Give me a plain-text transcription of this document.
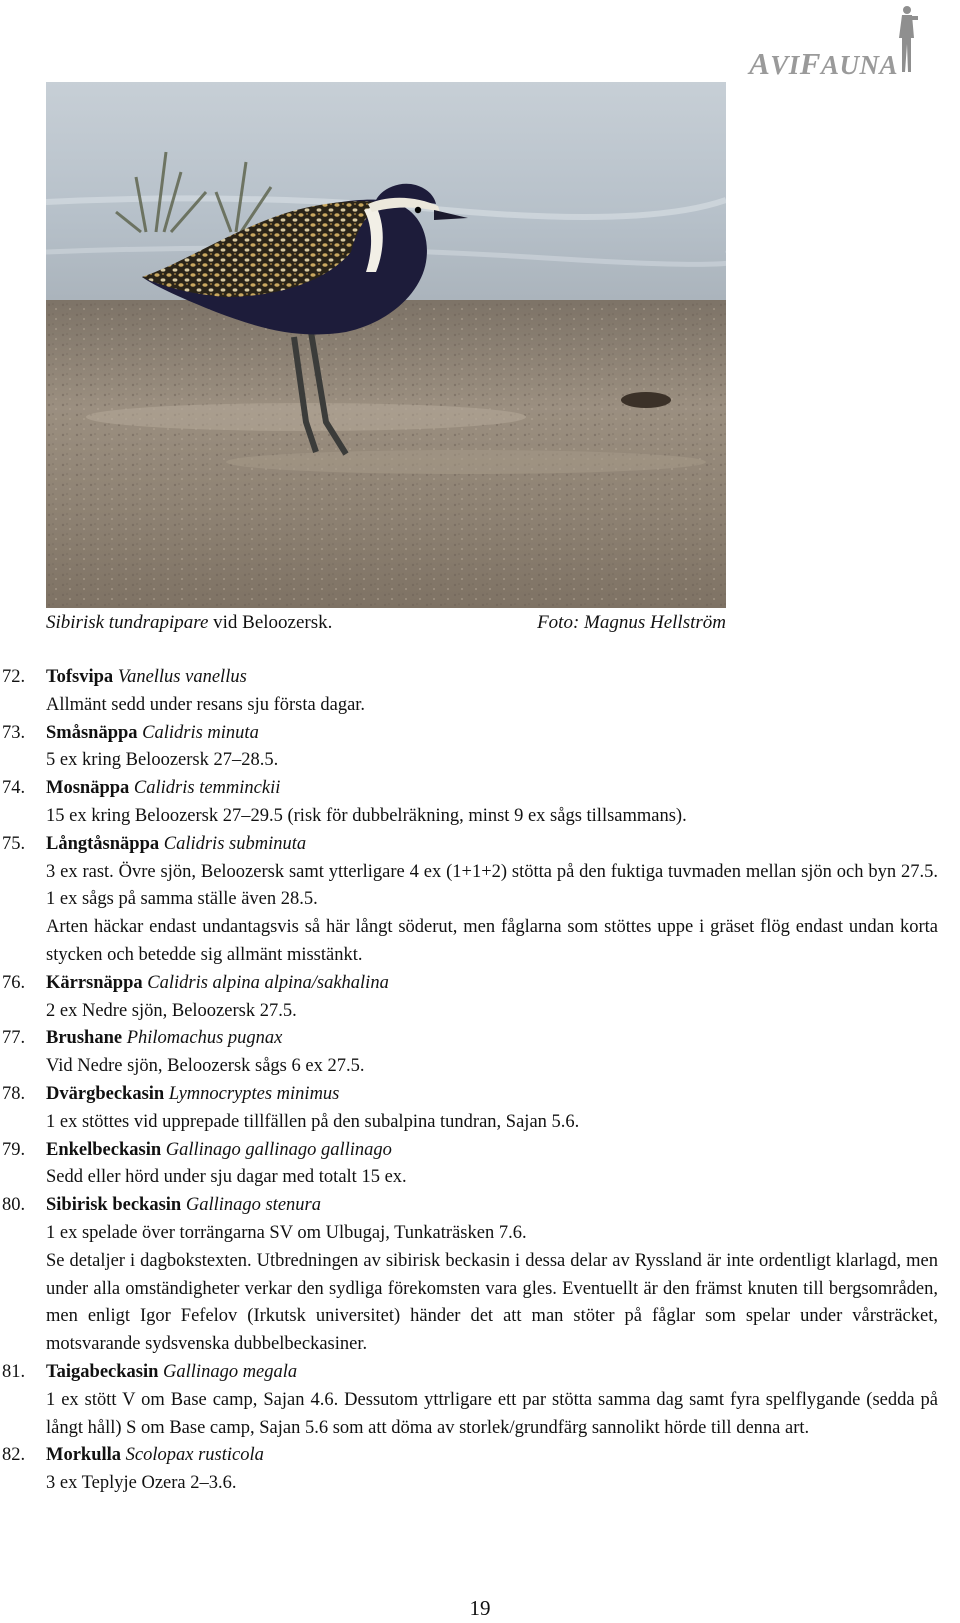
AVIFAUNA
Sibirisk tundrapipare vid Beloozersk.	Foto: Magnus Hellström
72. Tofsvipa Vanellus vanellus

Allmänt sedd under resans sju första dagar.

73. Småsnäppa Calidris minuta

5 ex kring Beloozersk 27–28.5.

74. Mosnäppa Calidris temminckii

15 ex kring Beloozersk 27–29.5 (risk för dubbelräkning, minst 9 ex sågs tillsammans).

75. Långtåsnäppa Calidris subminuta

3 ex rast. Övre sjön, Beloozersk samt ytterligare 4 ex (1+1+2) stötta på den fuktiga tuvmaden mellan sjön och byn 27.5. 1 ex sågs på samma ställe även 28.5.

Arten häckar endast undantagsvis så här långt söderut, men fåglarna som stöttes uppe i gräset flög endast undan korta stycken och betedde sig allmänt misstänkt.

76. Kärrsnäppa Calidris alpina alpina/sakhalina

2 ex Nedre sjön, Beloozersk 27.5.

77. Brushane Philomachus pugnax

Vid Nedre sjön, Beloozersk sågs 6 ex 27.5.

78. Dvärgbeckasin Lymnocryptes minimus

1 ex stöttes vid upprepade tillfällen på den subalpina tundran, Sajan 5.6.

79. Enkelbeckasin Gallinago gallinago gallinago

Sedd eller hörd under sju dagar med totalt 15 ex.

80. Sibirisk beckasin Gallinago stenura

1 ex spelade över torrängarna SV om Ulbugaj, Tunkaträsken 7.6.

Se detaljer i dagbokstexten. Utbredningen av sibirisk beckasin i dessa delar av Ryssland är inte ordentligt klarlagd, men under alla omständigheter verkar den sydliga förekomsten vara gles. Eventuellt är den främst knuten till bergsområden, men enligt Igor Fefelov (Irkutsk universitet) händer det att man stöter på fåglar som spelar under vårsträcket, motsvarande sydsvenska dubbelbeckasiner.

81. Taigabeckasin Gallinago megala

1 ex stött V om Base camp, Sajan 4.6. Dessutom yttrligare ett par stötta samma dag samt fyra spelflygande (sedda på långt håll) S om Base camp, Sajan 5.6 som att döma av storlek/grundfärg sannolikt hörde till denna art.

82. Morkulla Scolopax rusticola

3 ex Teplyje Ozera 2–3.6.

19
